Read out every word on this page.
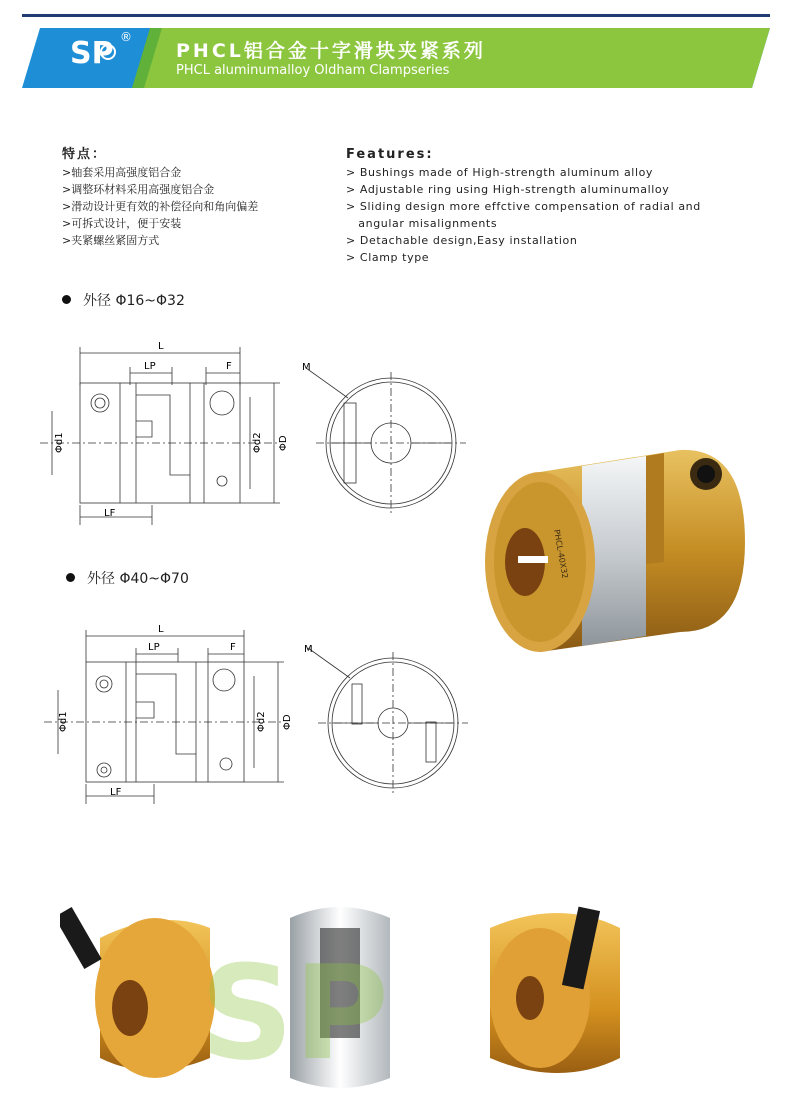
SP ®
PHCL铝合金十字滑块夹紧系列
PHCL aluminumalloy Oldham Clampseries
特点：
>轴套采用高强度铝合金
>调整环材料采用高强度铝合金
>滑动设计更有效的补偿径向和角向偏差
>可拆式设计，便于安装
>夹紧螺丝紧固方式
Features:
> Bushings made of High-strength aluminum alloy
> Adjustable ring using High-strength aluminumalloy
> Sliding design more effctive compensation of radial and
angular misalignments
> Detachable design,Easy installation
> Clamp type
外径 Φ16~Φ32
外径 Φ40~Φ70
L
LP	F
LF
Φd1	Φd2 ΦD
M
L
LP	F
LF
Φd1	Φd2 ΦD
M
PHCL-40X32
SP
